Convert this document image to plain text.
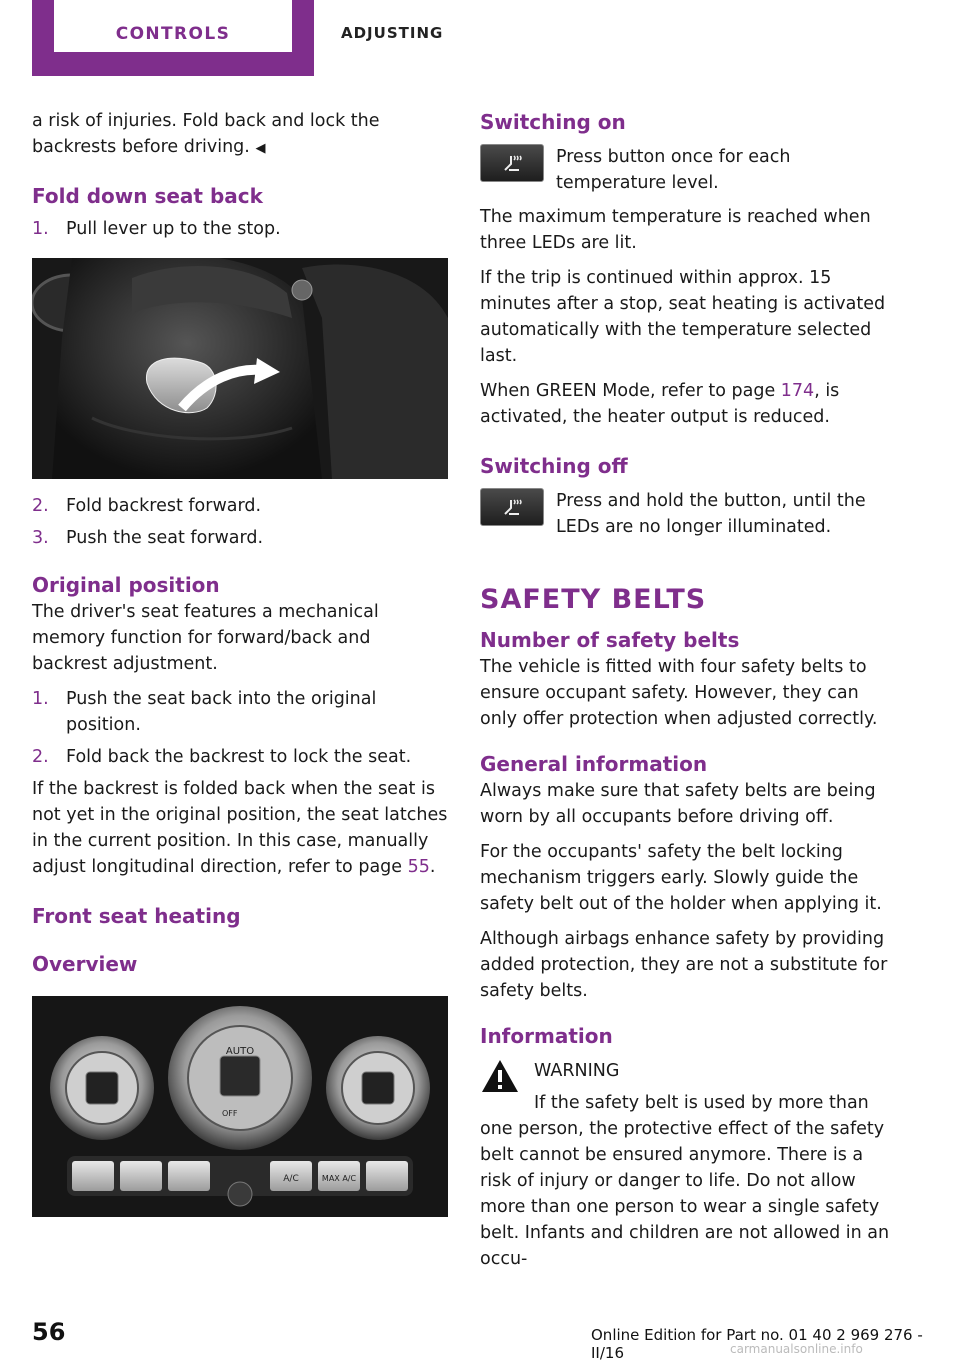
CONTROLS	ADJUSTING

a risk of injuries. Fold back and lock the backrests before driving. ◀

Fold down seat back
1. Pull lever up to the stop.
2. Fold backrest forward.
3. Push the seat forward.
Original position

The driver's seat features a mechanical memory function for forward/back and backrest adjustment.

1. Push the seat back into the original position.
2. Fold back the backrest to lock the seat.

If the backrest is folded back when the seat is not yet in the original position, the seat latches in the current position. In this case, manually adjust longitudinal direction, refer to page 55.

Front seat heating
Overview
AUTO
OFF
A/C	MAX A/C
Switching on
Press button once for each temperature level.

The maximum temperature is reached when three LEDs are lit.

If the trip is continued within approx. 15 minutes after a stop, seat heating is activated automatically with the temperature selected last.

When GREEN Mode, refer to page 174, is activated, the heater output is reduced.

Switching off
Press and hold the button, until the LEDs are no longer illuminated.
SAFETY BELTS
Number of safety belts

The vehicle is fitted with four safety belts to ensure occupant safety. However, they can only offer protection when adjusted correctly.

General information

Always make sure that safety belts are being worn by all occupants before driving off.

For the occupants' safety the belt locking mechanism triggers early. Slowly guide the safety belt out of the holder when applying it.

Although airbags enhance safety by providing added protection, they are not a substitute for safety belts.

Information
WARNING
If the safety belt is used by more than one person, the protective effect of the safety belt cannot be ensured anymore. There is a risk of injury or danger to life. Do not allow more than one person to wear a single safety belt. Infants and children are not allowed in an occu-
56	Online Edition for Part no. 01 40 2 969 276 - II/16	carmanualsonline.info
